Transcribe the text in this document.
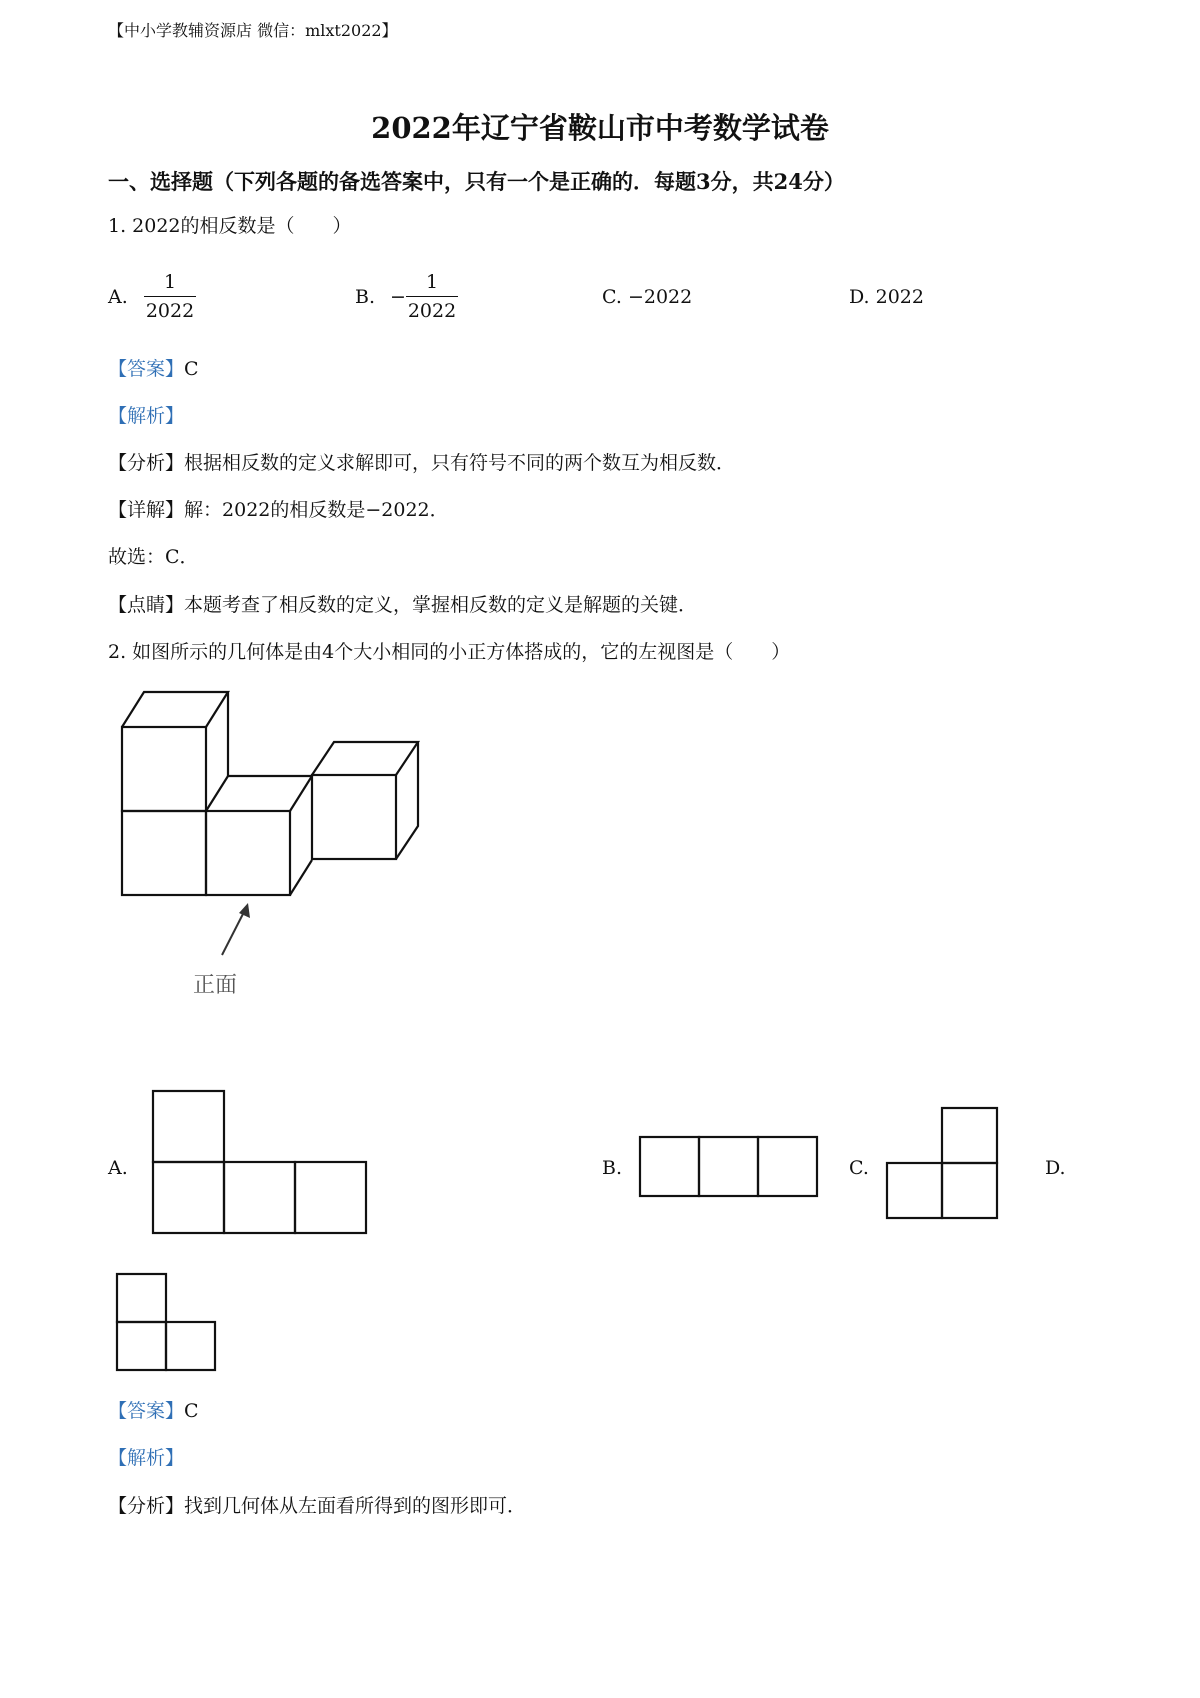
【中小学教辅资源店 微信：mlxt2022】
2022年辽宁省鞍山市中考数学试卷
一、选择题（下列各题的备选答案中，只有一个是正确的．每题3分，共24分）
1. 2022的相反数是（　　）
A.
1
2022
B. −
1
2022
C. −2022	D. 2022
【答案】C
【解析】
【分析】根据相反数的定义求解即可，只有符号不同的两个数互为相反数．
【详解】解：2022的相反数是−2022．
故选：C．
【点睛】本题考查了相反数的定义，掌握相反数的定义是解题的关键．
2. 如图所示的几何体是由4个大小相同的小正方体搭成的，它的左视图是（　　）
正面
A.	B.	C.	D.
【答案】C
【解析】
【分析】找到几何体从左面看所得到的图形即可．
